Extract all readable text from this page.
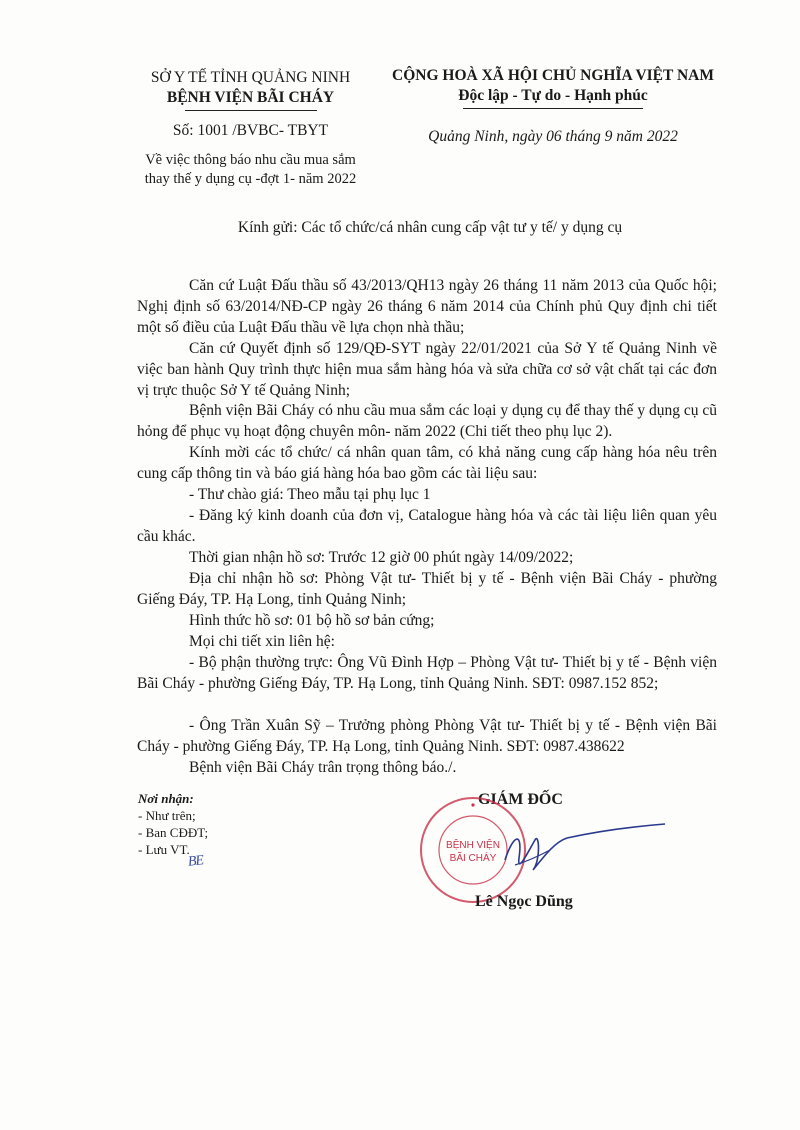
SỞ Y TẾ TỈNH QUẢNG NINH
BỆNH VIỆN BÃI CHÁY
Số: 1001 /BVBC- TBYT
Về việc thông báo nhu cầu mua sắm
thay thế y dụng cụ -đợt 1- năm 2022
CỘNG HOÀ XÃ HỘI CHỦ NGHĨA VIỆT NAM
Độc lập - Tự do - Hạnh phúc
Quảng Ninh, ngày 06 tháng 9 năm 2022
Kính gửi: Các tổ chức/cá nhân cung cấp vật tư y tế/ y dụng cụ
Căn cứ Luật Đấu thầu số 43/2013/QH13 ngày 26 tháng 11 năm 2013 của Quốc hội; Nghị định số 63/2014/NĐ-CP ngày 26 tháng 6 năm 2014 của Chính phủ Quy định chi tiết một số điều của Luật Đấu thầu về lựa chọn nhà thầu;
Căn cứ Quyết định số 129/QĐ-SYT ngày 22/01/2021 của Sở Y tế Quảng Ninh về việc ban hành Quy trình thực hiện mua sắm hàng hóa và sửa chữa cơ sở vật chất tại các đơn vị trực thuộc Sở Y tế Quảng Ninh;
Bệnh viện Bãi Cháy có nhu cầu mua sắm các loại y dụng cụ để thay thế y dụng cụ cũ hỏng để phục vụ hoạt động chuyên môn- năm 2022 (Chi tiết theo phụ lục 2).
Kính mời các tổ chức/ cá nhân quan tâm, có khả năng cung cấp hàng hóa nêu trên cung cấp thông tin và báo giá hàng hóa bao gồm các tài liệu sau:
- Thư chào giá: Theo mẫu tại phụ lục 1
- Đăng ký kinh doanh của đơn vị, Catalogue hàng hóa và các tài liệu liên quan yêu cầu khác.
Thời gian nhận hồ sơ: Trước 12 giờ 00 phút ngày 14/09/2022;
Địa chỉ nhận hồ sơ: Phòng Vật tư- Thiết bị y tế - Bệnh viện Bãi Cháy - phường Giếng Đáy, TP. Hạ Long, tỉnh Quảng Ninh;
Hình thức hồ sơ: 01 bộ hồ sơ bản cứng;
Mọi chi tiết xin liên hệ:
- Bộ phận thường trực: Ông Vũ Đình Hợp – Phòng Vật tư- Thiết bị y tế - Bệnh viện Bãi Cháy - phường Giếng Đáy, TP. Hạ Long, tỉnh Quảng Ninh. SĐT: 0987.152 852;
- Ông Trần Xuân Sỹ – Trưởng phòng Phòng Vật tư- Thiết bị y tế - Bệnh viện Bãi Cháy - phường Giếng Đáy, TP. Hạ Long, tỉnh Quảng Ninh. SĐT: 0987.438622
Bệnh viện Bãi Cháy trân trọng thông báo./.
Nơi nhận:
- Như trên;
- Ban CĐĐT;
- Lưu VT.
BE
GIÁM ĐỐC
BỆNH VIỆN
BÃI CHÁY
Lê Ngọc Dũng
